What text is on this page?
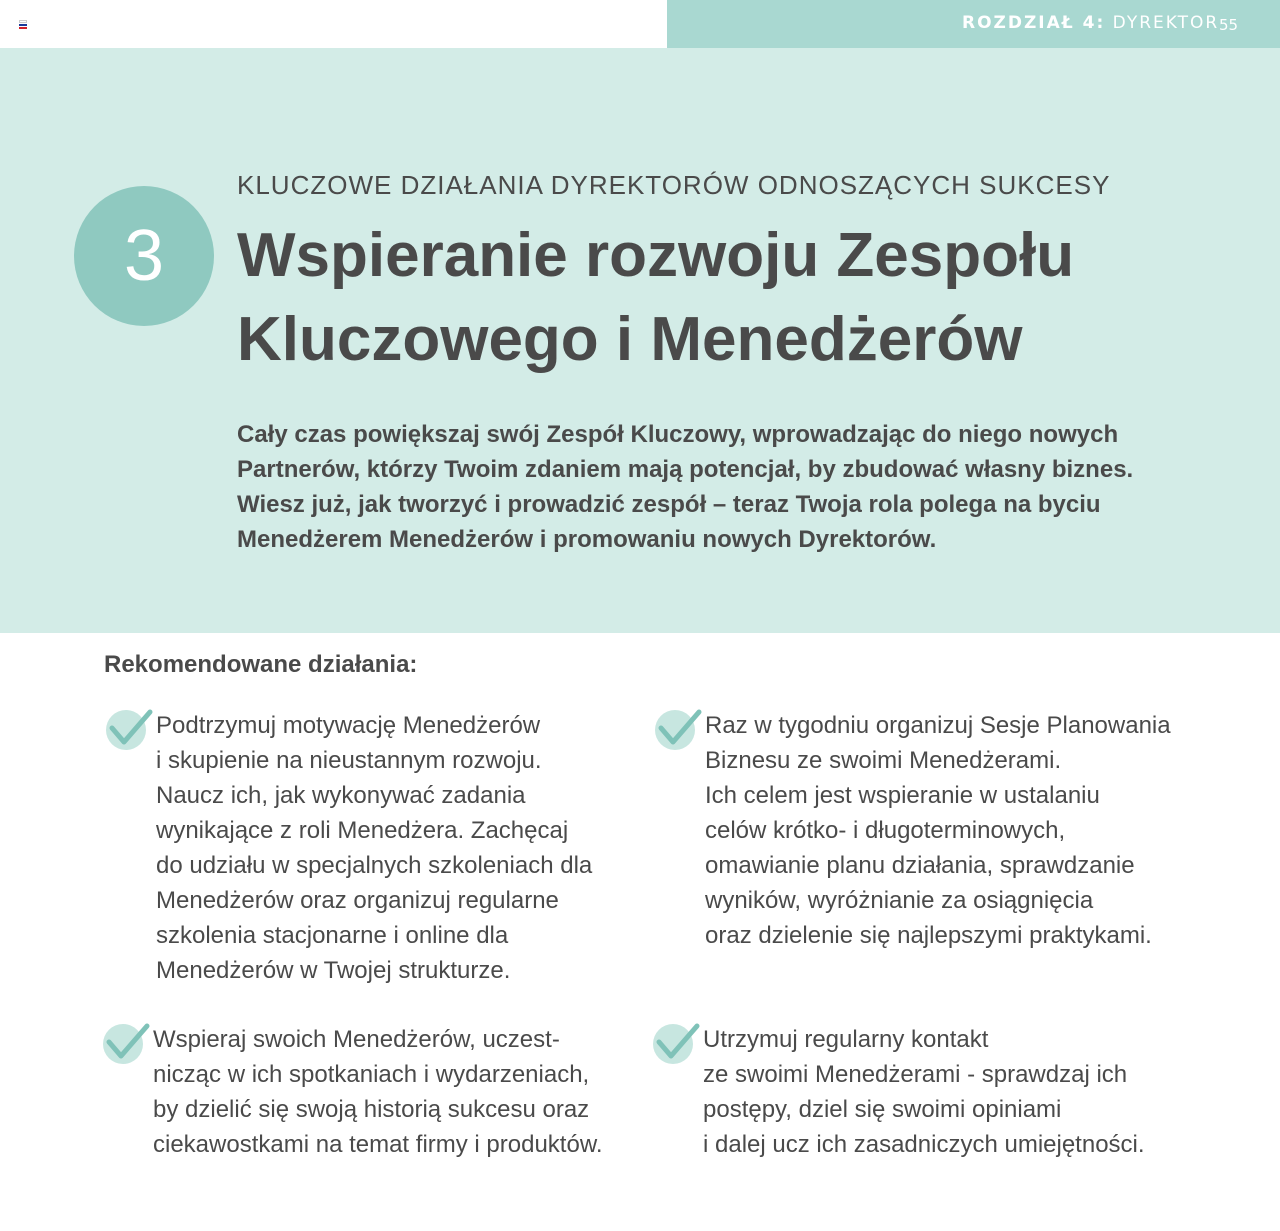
ROZDZIAŁ 4: DYREKTOR 55
3
KLUCZOWE DZIAŁANIA DYREKTORÓW ODNOSZĄCYCH SUKCESY
Wspieranie rozwoju Zespołu Kluczowego i Menedżerów

Cały czas powiększaj swój Zespół Kluczowy, wprowadzając do niego nowych Partnerów, którzy Twoim zdaniem mają potencjał, by zbudować własny biznes. Wiesz już, jak tworzyć i prowadzić zespół – teraz Twoja rola polega na byciu Menedżerem Menedżerów i promowaniu nowych Dyrektorów.

Rekomendowane działania:

Podtrzymuj motywację Menedżerów
i skupienie na nieustannym rozwoju.
Naucz ich, jak wykonywać zadania
wynikające z roli Menedżera. Zachęcaj
do udziału w specjalnych szkoleniach dla
Menedżerów oraz organizuj regularne
szkolenia stacjonarne i online dla
Menedżerów w Twojej strukturze.

Raz w tygodniu organizuj Sesje Planowania
Biznesu ze swoimi Menedżerami.
Ich celem jest wspieranie w ustalaniu
celów krótko- i długoterminowych,
omawianie planu działania, sprawdzanie
wyników, wyróżnianie za osiągnięcia
oraz dzielenie się najlepszymi praktykami.

Wspieraj swoich Menedżerów, uczest-
nicząc w ich spotkaniach i wydarzeniach,
by dzielić się swoją historią sukcesu oraz
ciekawostkami na temat firmy i produktów.

Utrzymuj regularny kontakt
ze swoimi Menedżerami - sprawdzaj ich
postępy, dziel się swoimi opiniami
i dalej ucz ich zasadniczych umiejętności.
